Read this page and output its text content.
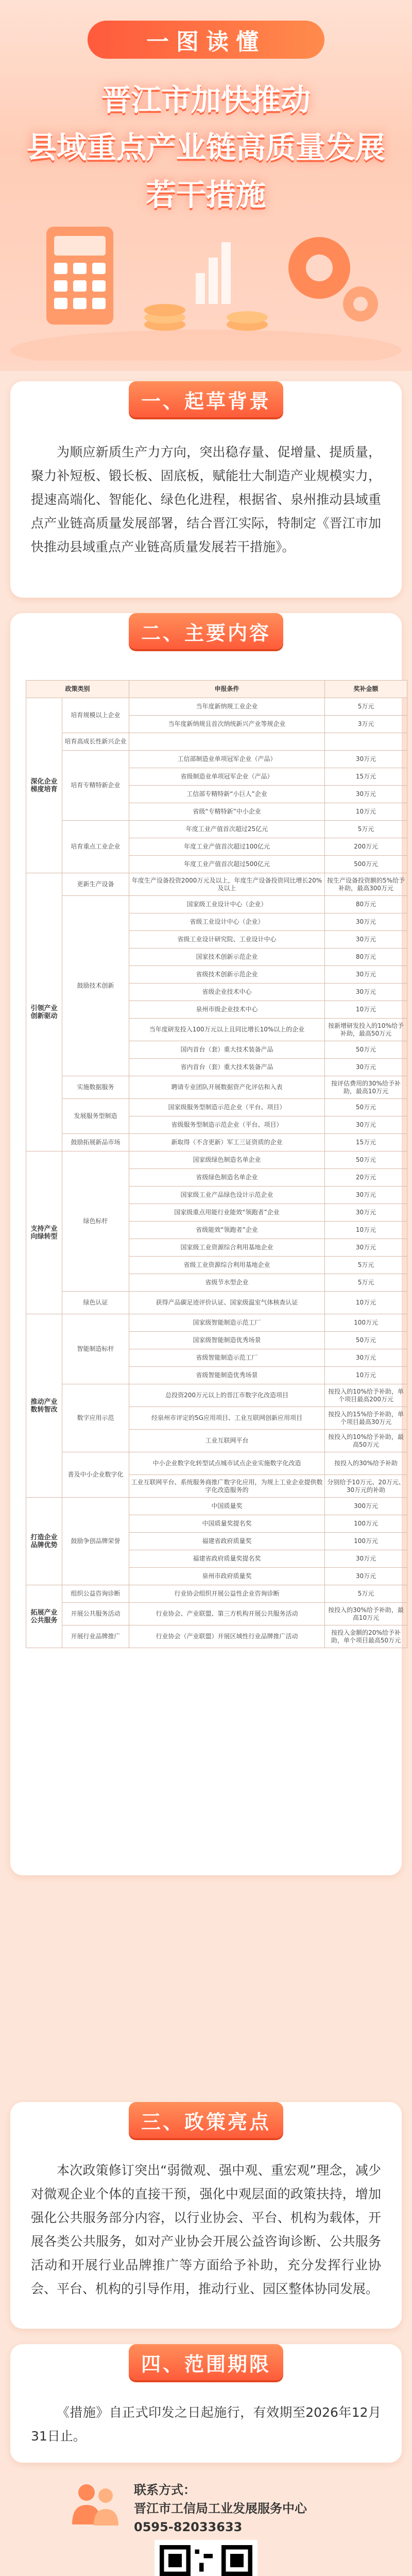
一图读懂
晋江市加快推动
县域重点产业链高质量发展
若干措施
为顺应新质生产力方向，突出稳存量、促增量、提质量，聚力补短板、锻长板、固底板，赋能壮大制造产业规模实力，提速高端化、智能化、绿色化进程，根据省、泉州推动县域重点产业链高质量发展部署，结合晋江实际，特制定《晋江市加快推动县域重点产业链高质量发展若干措施》。
一、起草背景
政策类别		申报条件	奖补金额
深化企业梯度培育	培育规模以上企业	当年度新纳规工业企业	5万元
		当年度新纳规且首次纳统新兴产业等规企业	3万元
	培育高成长性新兴企业		
	培育专精特新企业	工信部制造业单项冠军企业（产品）	30万元
		省级制造业单项冠军企业（产品）	15万元
		工信部专精特新“小巨人”企业	30万元
		省级“专精特新”中小企业	10万元
	培育重点工业企业	年度工业产值首次超过25亿元	5万元
		年度工业产值首次超过100亿元	200万元
		年度工业产值首次超过500亿元	500万元
引领产业创新驱动	更新生产设备	年度生产设备投资2000万元及以上，年度生产设备投资同比增长20%及以上	按生产设备投资额的5%给予补助，最高300万元
	鼓励技术创新	国家级工业设计中心（企业）	80万元
		省级工业设计中心（企业）	30万元
		省级工业设计研究院、工业设计中心	30万元
		国家技术创新示范企业	80万元
		省级技术创新示范企业	30万元
		省级企业技术中心	30万元
		泉州市级企业技术中心	10万元
		当年度研发投入100万元以上且同比增长10%以上的企业	按新增研发投入的10%给予补助，最高50万元
		国内首台（套）重大技术装备产品	50万元
		省内首台（套）重大技术装备产品	30万元
	实施数据服务	聘请专业团队开展数据资产化评估和入表	按评估费用的30%给予补助，最高10万元
	发展服务型制造	国家级服务型制造示范企业（平台、项目）	50万元
		省级服务型制造示范企业（平台、项目）	30万元
	鼓励拓展新品市场	新取得（不含更新）军工三证资质的企业	15万元
支持产业向绿转型	绿色标杆	国家级绿色制造名单企业	50万元
		省级绿色制造名单企业	20万元
		国家级工业产品绿色设计示范企业	30万元
		国家级重点用能行业能效“领跑者”企业	30万元
		省级能效“领跑者”企业	10万元
		国家级工业资源综合利用基地企业	30万元
		省级工业资源综合利用基地企业	5万元
		省级节水型企业	5万元
	绿色认证	获得产品碳足迹评价认证、国家级温室气体核查认证	10万元
推动产业数转智改	智能制造标杆	国家级智能制造示范工厂	100万元
		国家级智能制造优秀场景	50万元
		省级智能制造示范工厂	30万元
		省级智能制造优秀场景	10万元
	数字应用示范	总投资200万元以上的晋江市数字化改造项目	按投入的10%给予补助，单个项目最高200万元
		经泉州市评定的5G应用项目、工业互联网创新应用项目	按投入的15%给予补助，单个项目最高30万元
		工业互联网平台	按投入的10%给予补助，最高50万元
	普及中小企业数字化	中小企业数字化转型试点城市试点企业实施数字化改造	按投入的30%给予补助
		工业互联网平台、系统服务商推广数字化应用，为规上工业企业提供数字化改造服务的	分别给予10万元、20万元、30万元的补助
打造企业品牌优势	鼓励争创品牌荣誉	中国质量奖	300万元
		中国质量奖提名奖	100万元
		福建省政府质量奖	100万元
		福建省政府质量奖提名奖	30万元
		泉州市政府质量奖	30万元
拓展产业公共服务	组织公益咨询诊断	行业协会组织开展公益性企业咨询诊断	5万元
	开展公共服务活动	行业协会、产业联盟、第三方机构开展公共服务活动	按投入的30%给予补助，最高10万元
	开展行业品牌推广	行业协会（产业联盟）开展区域性行业品牌推广活动	按投入金额的20%给予补助，单个项目最高50万元
二、主要内容
本次政策修订突出“弱微观、强中观、重宏观”理念，减少对微观企业个体的直接干预，强化中观层面的政策扶持，增加强化公共服务部分内容，以行业协会、平台、机构为载体，开展各类公共服务，如对产业协会开展公益咨询诊断、公共服务活动和开展行业品牌推广等方面给予补助，充分发挥行业协会、平台、机构的引导作用，推动行业、园区整体协同发展。
三、政策亮点
《措施》自正式印发之日起施行，有效期至2026年12月31日止。
四、范围期限
联系方式：
晋江市工信局工业发展服务中心
0595-82033633
